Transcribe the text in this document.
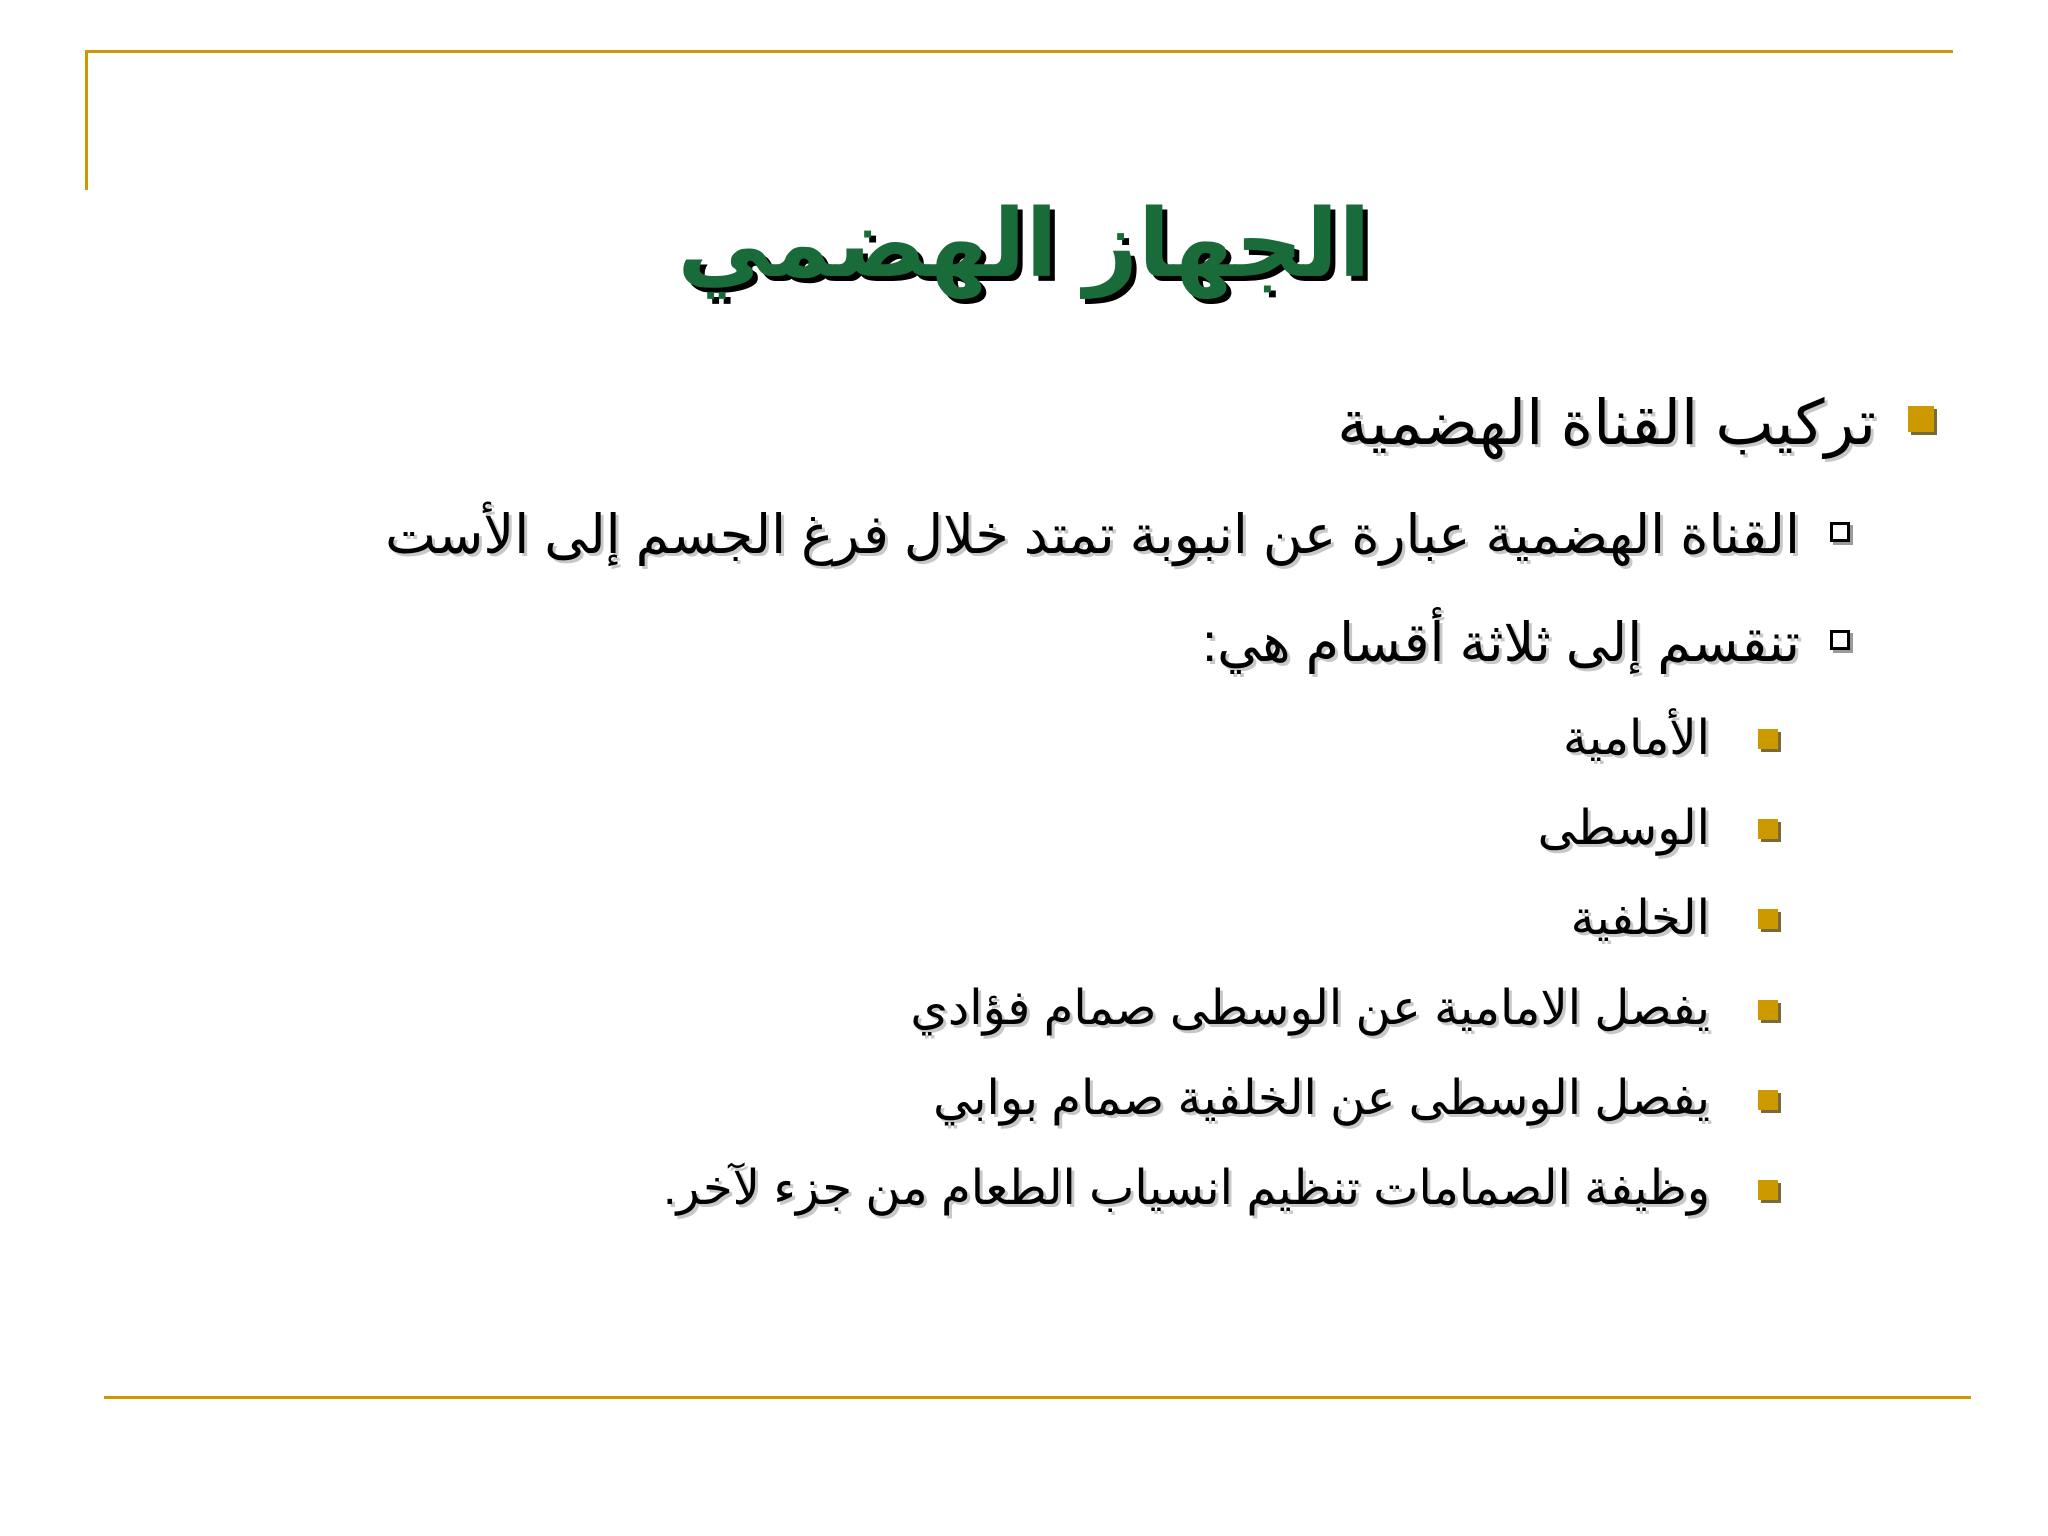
الجهاز الهضمي
تركيب القناة الهضمية
القناة الهضمية عبارة عن انبوبة تمتد خلال فرغ الجسم إلى الأست
تنقسم إلى ثلاثة أقسام هي:
الأمامية
الوسطى
الخلفية
يفصل الامامية عن الوسطى صمام فؤادي
يفصل الوسطى عن الخلفية صمام بوابي
وظيفة الصمامات تنظيم انسياب الطعام من جزء لآخر.
